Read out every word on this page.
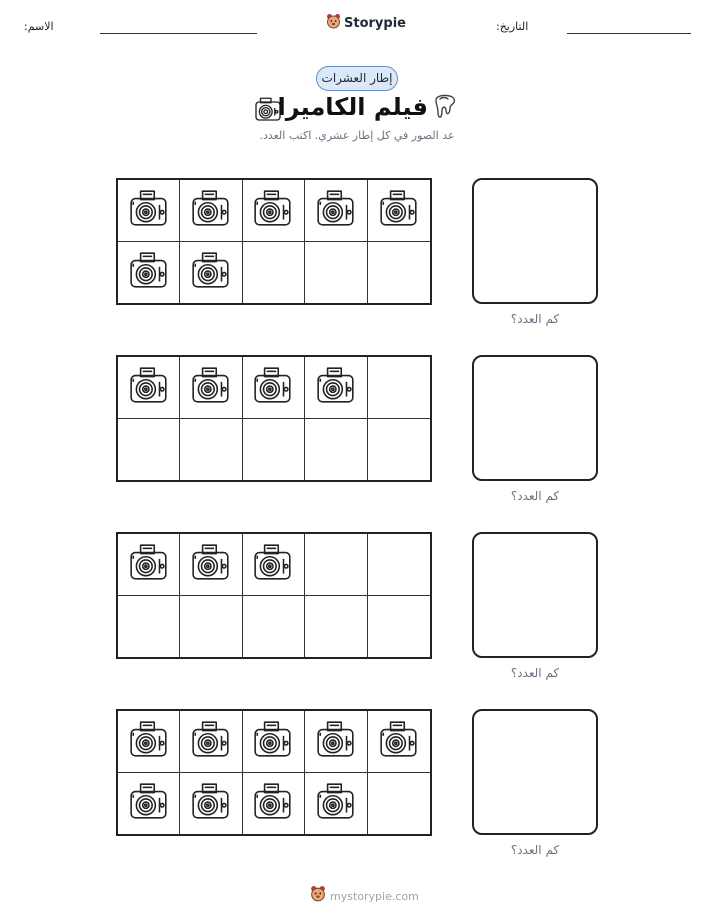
التاريخ:
الاسم:	Storypie
إطار العشرات
فيلم الكاميرا
عد الصور في كل إطار عشري. اكتب العدد.
كم العدد؟
كم العدد؟
كم العدد؟
كم العدد؟
mystorypie.com
